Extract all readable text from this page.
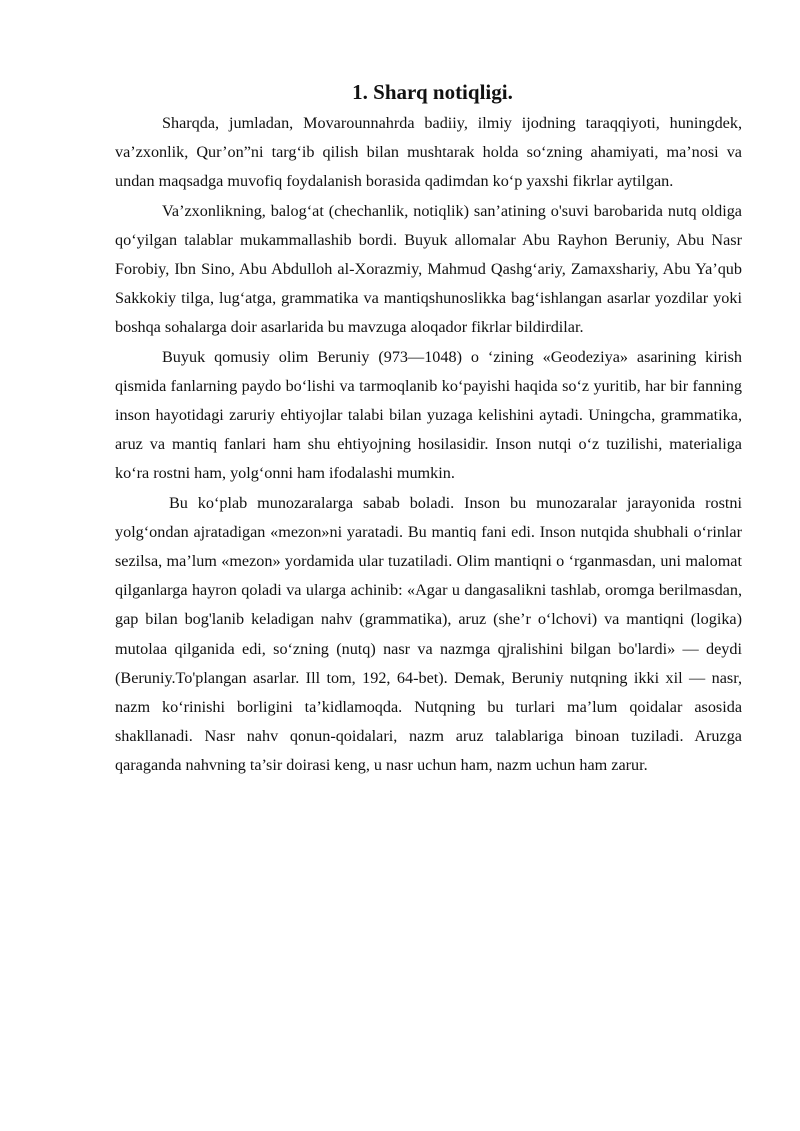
1. Sharq notiqligi.

Sharqda, jumladan, Movarounnahrda badiiy, ilmiy ijodning taraqqiyoti, huningdek, va’zxonlik, Qur’on”ni targ‘ib qilish bilan mushtarak holda so‘zning ahamiyati, ma’nosi va undan maqsadga muvofiq foydalanish borasida qadimdan ko‘p yaxshi fikrlar aytilgan.

Va’zxonlikning, balog‘at (chechanlik, notiqlik) san’atining o'suvi barobarida nutq oldiga qo‘yilgan talablar mukammallashib bordi. Buyuk allomalar Abu Rayhon Beruniy, Abu Nasr Forobiy, Ibn Sino, Abu Abdulloh al-Xorazmiy, Mahmud Qashg‘ariy, Zamaxshariy, Abu Ya’qub Sakkokiy tilga, lug‘atga, grammatika va mantiqshunoslikka bag‘ishlangan asarlar yozdilar yoki boshqa sohalarga doir asarlarida bu mavzuga aloqador fikrlar bildirdilar.

Buyuk qomusiy olim Beruniy (973—1048) o ‘zining «Geodeziya» asarining kirish qismida fanlarning paydo bo‘lishi va tarmoqlanib ko‘payishi haqida so‘z yuritib, har bir fanning inson hayotidagi zaruriy ehtiyojlar talabi bilan yuzaga kelishini aytadi. Uningcha, grammatika, aruz va mantiq fanlari ham shu ehtiyojning hosilasidir. Inson nutqi o‘z tuzilishi, materialiga ko‘ra rostni ham, yolg‘onni ham ifodalashi mumkin.

Bu ko‘plab munozaralarga sabab boladi. Inson bu munozaralar jarayonida rostni yolg‘ondan ajratadigan «mezon»ni yaratadi. Bu mantiq fani edi. Inson nutqida shubhali o‘rinlar sezilsa, ma’lum «mezon» yordamida ular tuzatiladi. Olim mantiqni o ‘rganmasdan, uni malomat qilganlarga hayron qoladi va ularga achinib: «Agar u dangasalikni tashlab, oromga berilmasdan, gap bilan bog'lanib keladigan nahv (grammatika), aruz (she’r o‘lchovi) va mantiqni (logika) mutolaa qilganida edi, so‘zning (nutq) nasr va nazmga qjralishini bilgan bo'lardi» — deydi (Beruniy.To'plangan asarlar. Ill tom, 192, 64-bet). Demak, Beruniy nutqning ikki xil — nasr, nazm ko‘rinishi borligini ta’kidlamoqda. Nutqning bu turlari ma’lum qoidalar asosida shakllanadi. Nasr nahv qonun-qoidalari, nazm aruz talablariga binoan tuziladi. Aruzga qaraganda nahvning ta’sir doirasi keng, u nasr uchun ham, nazm uchun ham zarur.
